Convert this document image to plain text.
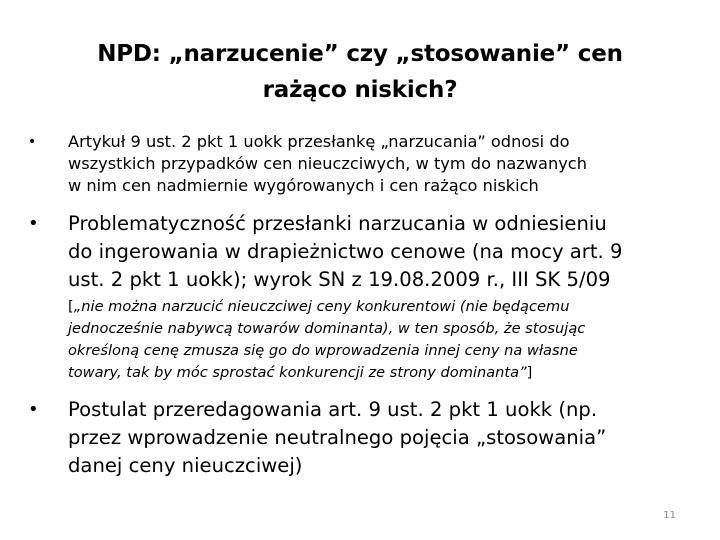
NPD: „narzucenie” czy „stosowanie” cen
rażąco niskich?
• Artykuł 9 ust. 2 pkt 1 uokk przesłankę „narzucania” odnosi do
wszystkich przypadków cen nieuczciwych, w tym do nazwanych
w nim cen nadmiernie wygórowanych i cen rażąco niskich
• Problematyczność przesłanki narzucania w odniesieniu
do ingerowania w drapieżnictwo cenowe (na mocy art. 9
ust. 2 pkt 1 uokk); wyrok SN z 19.08.2009 r., III SK 5/09
[„nie można narzucić nieuczciwej ceny konkurentowi (nie będącemu
jednocześnie nabywcą towarów dominanta), w ten sposób, że stosując określoną cenę zmusza się go do wprowadzenia innej ceny na własne
towary, tak by móc sprostać konkurencji ze strony dominanta”]
• Postulat przeredagowania art. 9 ust. 2 pkt 1 uokk (np.
przez wprowadzenie neutralnego pojęcia „stosowania”
danej ceny nieuczciwej)
11
